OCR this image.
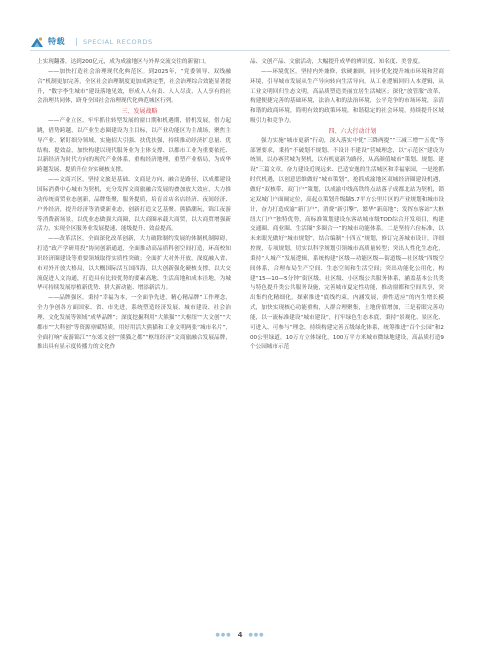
特载 | SPECIAL RECORDS

上实现翻番，达到200亿元，成为成渝地区与外界交流交往的新窗口。

——加快打造社会治理现代化典范区。到2025年，“党委领导、双线融合”机制更加完善，全区社会治理制度更加成熟定型，社会治理综合效能显著提升，“数字李生城市”建设落地见效，形成人人有责、人人尽责、人人享有的社会治理共同体，跻身全国社会治理现代化典范城区行列。

三、发展战略

——产业立区。牢牢抓住转型发展的窗口期和机遇期，借机发展，借力起跳，借势跨越，以产业生态圈建设为主目标，以产业功能区为主战场，聚焦主导产业、紧盯细分领域，实施招大引强、扶优扶强，持续推动经济扩总量、优结构、提效益，加快构建以现代服务业为主体支撑、以都市工业为重要依托、以新经济为时代方向的现代产业体系，重构经济地理，重塑产业格局，为成华跨越发展、提质升位夯实硬核支撑。

——文商兴区。坚持文旅是基础、文商是方向、融合是路径，以成都建设国际消费中心城市为契机，充分发挥文商旅融合发展的叠加放大效应，大力推动传统商贸业态创新，品牌集聚，服务提质，培育首店名店经济、夜间经济、户外经济，提升经济等消费新业态，创新打造文艺基聚、熊猫潮玩，锦江夜游等消费新场景，以优业态做强大商圈，以大商圈承载大商贸，以大商贸增强新活力，实现全区服务业发展提速、能级提升、效益提高。

——改革活区。全面深化改革创新，大力破除制约发展的体制机制障碍，打造“政产学研用投”协同创新通道，全面推动高品质科创空间打造，环高校知识经济圈建设等重要领域取得实质性突破；全面扩大对外开放，深度融入省、市对外开放大格局，以大概国际活互国四海，以大创新强化硬核支撑，以大交流促进人文沟通，打造具有比较优势的要素高地、生活高地和成本洼地，为城华可持续发展厚植新优势、拼大新动能、增添新活力。

——品牌强区。秉持“幸福为本，一全面争先进，精心精品牌”工作理念，全力争创各方面国家、省、市先进，系统塑造经济发展、城市建设、社会治理、文化发展等领域“成华品牌”；深度挖掘利用“大熊猫”“大枢纽”“大文创”“大都市”“大科创”等资源禀赋特质，用好用活大熊猫和工业文明两张“城市名片”，全面打响“夜游锦江”“东郊文创”“熊猫之都”“枢纽经济”文商旅融合发展品牌，推出具有显示度传播力的文化作

品、文创产品、文旅活动，大幅提升成华的辨识度、知名度、美誉度。

——环境优区。坚持内外兼修，软硬兼顾，同步优化提升城市环境和营商环境，引导城市发展从生产导向转向生活导向，从工业逻辑回归人本逻辑，从工业文明回归生态文明，高品质塑造美丽宜居生活城区；深化“放管服”改革，构建便捷完善的基础环境，法治人和的法治环境，公平竞争的市场环境，亲清和谐的政商环境，简明有效的政策环境，和谐稳定的社会环境，持续提升区域吸引力和竞争力。

四、六大行动计划

强力实施“城市更新”行动，深入落实中优“三降两提”“三减三增”“五优”等部署要求，秉持“不破划不规划、不设计不建设”营城理念，以“示范区”建设为统领，以办赛营城为契机，以有机更新为路径，从高颜值城市“策划、规划、建设”三篇文章，奋力建设近现远来、巴适安逸的生活城区和幸福家园，一是抢抓时代机遇，以创意思维做好“城市策划”，抢抓成渝地区双城经济圈建设机遇，做好“双核带、双门户”策划，以成渝中线高铁终点站落子成都北站为契机，锁定双城门户面阔定位，高起点策划升级龋5.7平方公里片区的产业规划和城市设计，奋力打造成渝“新门户”，消费“新引擎”，繁华“新高地”；发挥东客站“大枢纽大门户”独特优势，高标准策划建设东客站城市级TOD综合开发项目，构建交通圈、商业圈、生活圈“多圈合一”的城市功能体系。二是坚持六位标准，以未来眼光做好“城市规划”，结合编制“十四五”规划，修订完善城市设计，详细控规，专项规划，切实以科学规划引领城市高质量转型；突出人性化生态化，秉持“人城产”发展逻辑，系统构建“区级—功能区级—街道级—社区级”四级空间体系，合理布局生产空间、生态空间和生活空间；突出功能化公用化，构建“15—10—5分钟”街区级、社区级、小区级公共服务体系，涵盖基本公共类与特色提升类公共服务设施，完善城市夏定性功能，推动窗都和空间共享，突出集约化精细化，探索推进“底线约束，内涵发展，弹性适应”的内生增长模式，加快实现核心功能重构，人群合理聚集，土地价值增加，三是着眼完善功能，以一流标准建设“城市建设”，打牢绿色生态本底，秉持“景观化、景区化、可进入、可参与”理念，持续构建完善五级绿化体系，统筹推进“百个公园”和200公里绿道，10万方立体绿化，100万平方米城市微绿地建设，高品质打造9个公园城市示范

●●● 4 ●●●
